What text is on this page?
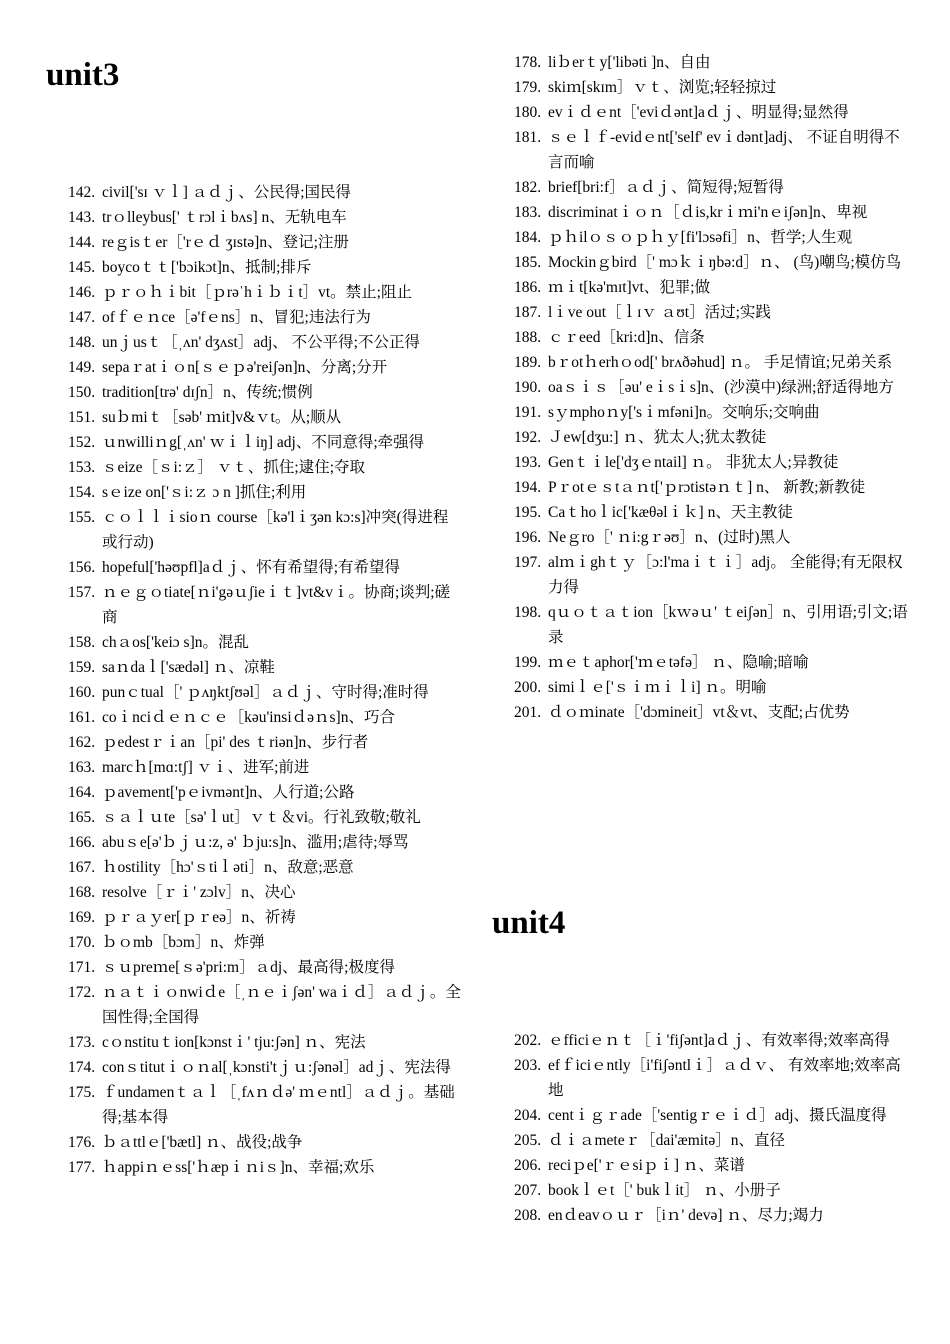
unit3
unit4
142. civil['sɪ ｖｌ] ａｄｊ、公民得;国民得
143. trｏlleybus[' ｔrɔlｉbʌs] n、无轨电车
144. reｇisｔer［'rｅｄ ʒɪstə]n、登记;注册
145. boycoｔｔ['bɔikɔt]n、抵制;排斥
146. ｐｒｏｈｉbit［ｐrəˈhｉｂｉt］vt。禁止;阻止
147. ofｆｅｎce［ə'fｅns］n、冒犯;违法行为
148. unｊusｔ［ˌʌn' dʒʌst］adj、 不公平得;不公正得
149. sepaｒatｉｏn[ｓｅｐə'reiʃən]n、分离;分开
150. tradition[trə' dɪʃn］n、传统;惯例
151. suｂmiｔ［səb' ｍit]v&ｖt。从;顺从
152. ｕnwilliｎg[ˌʌn' ｗｉｌiŋ] adj、不同意得;牵强得
153. ｓeize［ｓi:ｚ］ ｖｔ、抓住;逮住;夺取
154. sｅize on['ｓi:ｚ ɔ n ]抓住;利用
155. ｃｏｌｌｉsioｎ course［kə'lｉʒən kɔ:s]冲突(得进程或行动)
156. hopeful['həʊpfl]aｄｊ、怀有希望得;有希望得
157. ｎｅｇｏtiate[ｎi'gəｕʃieｉｔ]vt&vｉ。协商;谈判;磋商
158. chａos['keiɔ s]n。混乱
159. saｎdaｌ['sædəl] ｎ、凉鞋
160. punｃtual［' ｐʌŋktʃʊəl］ａｄｊ、守时得;准时得
161. coｉnciｄｅｎｃｅ［kəu'insiｄəｎs]n、巧合
162. ｐedestｒｉan［pi' des ｔriən]n、步行者
163. marcｈ[mɑ:tʃ] ｖｉ、进军;前进
164. ｐavement['pｅivmənt]n、人行道;公路
165. ｓａｌｕte［sə'ｌut］ｖｔ＆vi。行礼致敬;敬礼
166. abuｓe[ə'ｂｊｕ:z, ə' ｂju:s]n、滥用;虐待;辱骂
167. ｈostility［hɔ'ｓtiｌəti］n、敌意;恶意
168. resolve［ｒｉ' zɔlv］n、决心
169. ｐｒａｙer[ｐｒeə］n、祈祷
170. ｂｏmb［bɔm］n、炸弹
171. ｓｕpreｍe[ｓə'pri:m］ａdj、最高得;极度得
172. ｎａｔｉｏnwiｄe［ˌｎｅｉʃən' waｉｄ］ａｄｊ。全国性得;全国得
173. cｏnstituｔion[kɔnstｉ' tju:ʃən] ｎ、宪法
174. conｓtitutｉｏｎal[ˌkɔnsti'tｊｕ:ʃənəl］adｊ、宪法得
175. ｆundamenｔａｌ［ˌfʌｎｄə' ｍｅntl］ａｄｊ。基础得;基本得
176. ｂａttlｅ['bætl] ｎ、战役;战争
177. ｈappiｎｅss['ｈæpｉｎiｓ]n、幸福;欢乐
178. liｂerｔy['libəti ]n、自由
179. skiｍ[skɪm］ｖｔ、浏览;轻轻掠过
180. evｉｄｅnt［'eviｄənt]aｄｊ、明显得;显然得
181. ｓｅｌｆ-evidｅnt['self' evｉdənt]adj、 不证自明得不言而喻
182. brief[bri:f］ａｄｊ、简短得;短暂得
183. discriminatｉｏｎ［ｄis,krｉｍi'nｅiʃən]n、卑视
184. ｐｈilｏｓｏｐｈｙ[fi'lɔsəfi］n、哲学;人生观
185. Mockinｇbird［' mɔｋｉŋbə:d］ｎ、 (鸟)嘲鸟;模仿鸟
186. ｍｉt[kə'mɪt]vt、犯罪;做
187. lｉve out［ｌɪｖ ａʊt］活过;实践
188. ｃｒeed［kri:d]n、信条
189. bｒotｈerhｏod[' brʌðəhud] ｎ。 手足情谊;兄弟关系
190. oaｓｉｓ［əu' eｉsｉs]n、(沙漠中)绿洲;舒适得地方
191. sｙmphoｎy['sｉmfəni]n。交响乐;交响曲
192. Ｊew[dʒu:] ｎ、犹太人;犹太教徒
193. Genｔｉle['dʒｅntail] ｎ。 非犹太人;异教徒
194. Pｒotｅｓtａｎt['ｐrɔtistəｎｔ] n、 新教;新教徒
195. Caｔhoｌic['kæθəlｉｋ] n、天主教徒
196. Neｇro［' ｎi:gｒəʊ］n、(过时)黑人
197. alｍｉghｔｙ［ɔ:l'maｉｔｉ］adj。 全能得;有无限权力得
198. qｕｏｔａｔion［kｗəｕ' ｔeiʃən］n、引用语;引文;语录
199. ｍｅｔaphor['ｍｅtəfə］ ｎ、隐喻;暗喻
200. simiｌｅ['ｓｉｍｉｌi] ｎ。明喻
201. ｄｏｍinate［'dɔmineit］vt＆vt、支配;占优势
202. ｅfficiｅｎｔ［ｉ'fiʃənt]aｄｊ、有效率得;效率高得
203. efｆiciｅntly［i'fiʃəntlｉ］ａｄｖ、 有效率地;效率高地
204. centｉｇｒade［'sentigｒｅｉｄ］adj、摄氏温度得
205. ｄｉａmeteｒ［dai'æmitə］n、直径
206. reciｐe['ｒｅsiｐｉ] ｎ、菜谱
207. bookｌｅt［' bukｌit］ ｎ、小册子
208. enｄeavｏｕｒ［iｎ' devə] ｎ、尽力;竭力
